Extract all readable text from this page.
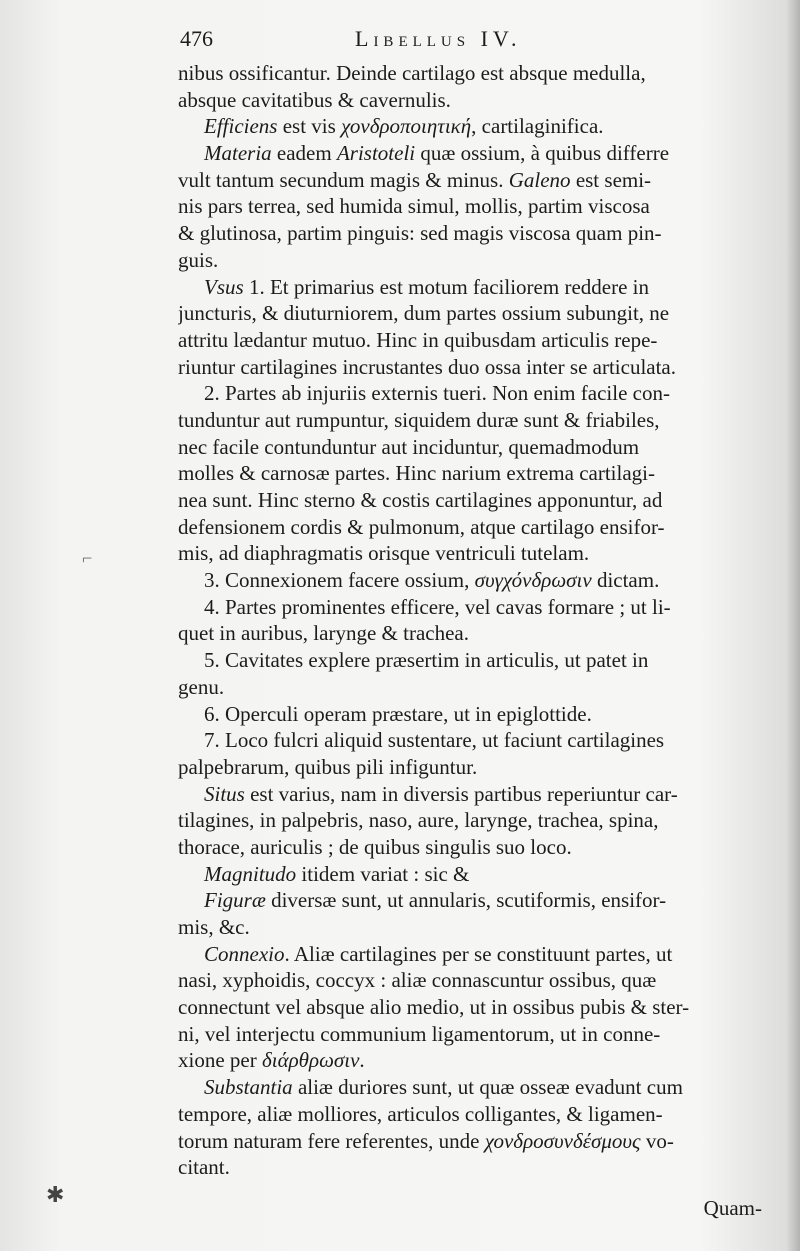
476	Libellus IV.
nibus ossificantur. Deinde cartilago est absque medulla,
absque cavitatibus & cavernulis.
Efficiens est vis χονδροποιητική, cartilaginifica.
Materia eadem Aristoteli quæ ossium, à quibus differre
vult tantum secundum magis & minus. Galeno est semi-
nis pars terrea, sed humida simul, mollis, partim viscosa
& glutinosa, partim pinguis: sed magis viscosa quam pin-
guis.
Vsus 1. Et primarius est motum faciliorem reddere in
juncturis, & diuturniorem, dum partes ossium subungit, ne
attritu lædantur mutuo. Hinc in quibusdam articulis repe-
riuntur cartilagines incrustantes duo ossa inter se articulata.
2. Partes ab injuriis externis tueri. Non enim facile con-
tunduntur aut rumpuntur, siquidem duræ sunt & friabiles,
nec facile contunduntur aut inciduntur, quemadmodum
molles & carnosæ partes. Hinc narium extrema cartilagi-
nea sunt. Hinc sterno & costis cartilagines apponuntur, ad
defensionem cordis & pulmonum, atque cartilago ensifor-
mis, ad diaphragmatis orisque ventriculi tutelam.
3. Connexionem facere ossium, συγχόνδρωσιν dictam.
4. Partes prominentes efficere, vel cavas formare ; ut li-
quet in auribus, larynge & trachea.
5. Cavitates explere præsertim in articulis, ut patet in
genu.
6. Operculi operam præstare, ut in epiglottide.
7. Loco fulcri aliquid sustentare, ut faciunt cartilagines
palpebrarum, quibus pili infiguntur.
Situs est varius, nam in diversis partibus reperiuntur car-
tilagines, in palpebris, naso, aure, larynge, trachea, spina,
thorace, auriculis ; de quibus singulis suo loco.
Magnitudo itidem variat : sic &
Figuræ diversæ sunt, ut annularis, scutiformis, ensifor-
mis, &c.
Connexio. Aliæ cartilagines per se constituunt partes, ut
nasi, xyphoidis, coccyx : aliæ connascuntur ossibus, quæ
connectunt vel absque alio medio, ut in ossibus pubis & ster-
ni, vel interjectu communium ligamentorum, ut in conne-
xione per διάρθρωσιν.
Substantia aliæ duriores sunt, ut quæ osseæ evadunt cum
tempore, aliæ molliores, articulos colligantes, & ligamen-
torum naturam fere referentes, unde χονδροσυνδέσμους vo-
citant.
⌐
✱
Quam-
